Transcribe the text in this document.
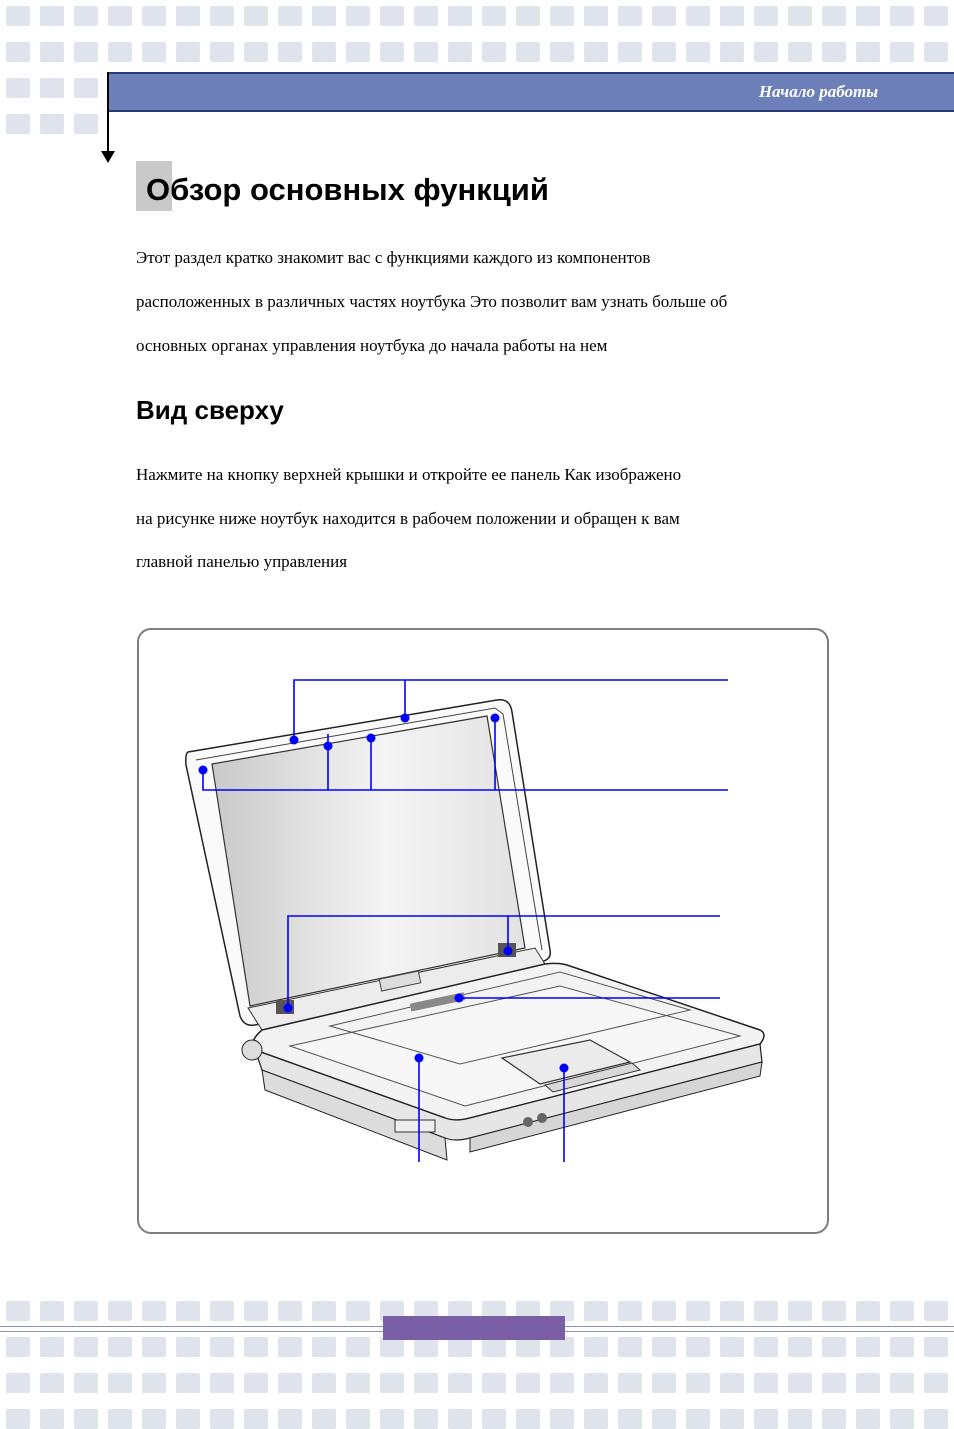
Начало работы
Обзор основных функций
Этот раздел кратко знакомит вас с функциями каждого из компонентов
расположенных в различных частях ноутбука Это позволит вам узнать больше об
основных органах управления ноутбука до начала работы на нем
Вид сверху
Нажмите на кнопку верхней крышки и откройте ее панель Как изображено
на рисунке ниже ноутбук находится в рабочем положении и обращен к вам
главной панелью управления
